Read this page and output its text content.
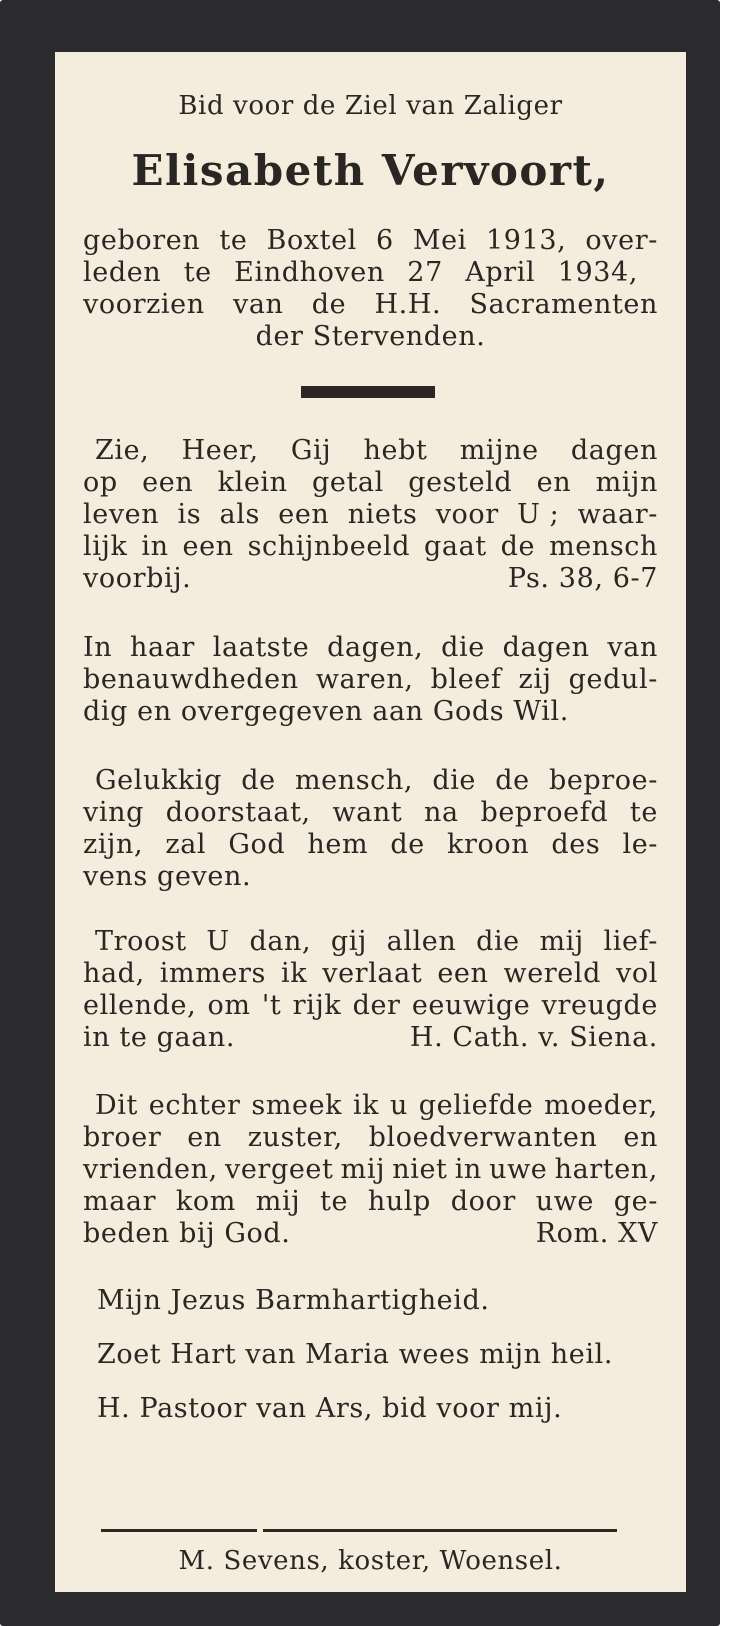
Bid voor de Ziel van Zaliger

Elisabeth Vervoort,

geboren te Boxtel 6 Mei 1913, over-

leden te Eindhoven 27 April 1934,

voorzien van de H.H. Sacramenten

der Stervenden.

Zie, Heer, Gij hebt mijne dagen

op een klein getal gesteld en mijn

leven is als een niets voor U ; waar-

lijk in een schijnbeeld gaat de mensch

voorbij.	Ps. 38, 6-7

In haar laatste dagen, die dagen van

benauwdheden waren, bleef zij gedul-

dig en overgegeven aan Gods Wil.

Gelukkig de mensch, die de beproe-

ving doorstaat, want na beproefd te

zijn, zal God hem de kroon des le-

vens geven.

Troost U dan, gij allen die mij lief-

had, immers ik verlaat een wereld vol

ellende, om 't rijk der eeuwige vreugde

in te gaan.	H. Cath. v. Siena.

Dit echter smeek ik u geliefde moeder,

broer en zuster, bloedverwanten en

vrienden, vergeet mij niet in uwe harten,

maar kom mij te hulp door uwe ge-

beden bij God.	Rom. XV

Mijn Jezus Barmhartigheid.

Zoet Hart van Maria wees mijn heil.

H. Pastoor van Ars, bid voor mij.

M. Sevens, koster, Woensel.
